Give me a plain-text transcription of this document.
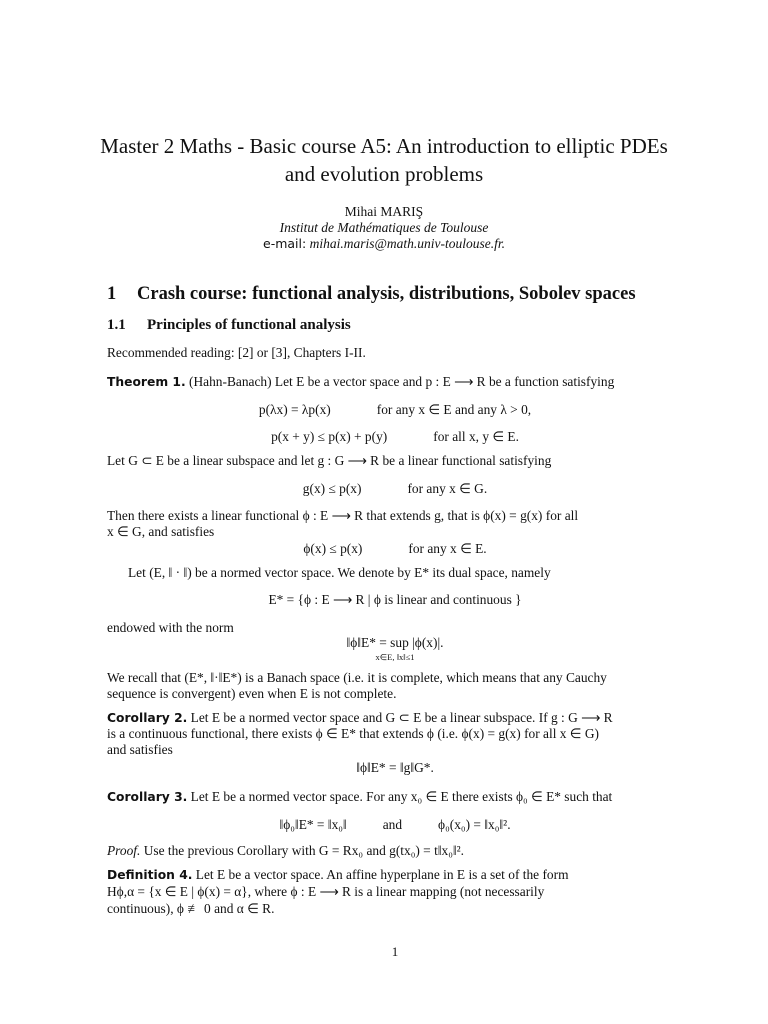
Master 2 Maths - Basic course A5: An introduction to elliptic PDEs and evolution problems
Mihai MARIŞ
Institut de Mathématiques de Toulouse
e-mail: mihai.maris@math.univ-toulouse.fr.
1 Crash course: functional analysis, distributions, Sobolev spaces
1.1 Principles of functional analysis
Recommended reading: [2] or [3], Chapters I-II.
Theorem 1. (Hahn-Banach) Let E be a vector space and p : E ⟶ R be a function satisfying
p(λx) = λp(x)	for any x ∈ E and any λ > 0,
p(x + y) ≤ p(x) + p(y)	for all x, y ∈ E.
Let G ⊂ E be a linear subspace and let g : G ⟶ R be a linear functional satisfying
g(x) ≤ p(x)	for any x ∈ G.
Then there exists a linear functional ϕ : E ⟶ R that extends g, that is ϕ(x) = g(x) for all
x ∈ G, and satisfies
ϕ(x) ≤ p(x)	for any x ∈ E.
Let (E, ‖ · ‖) be a normed vector space. We denote by E* its dual space, namely
E* = {ϕ : E ⟶ R | ϕ is linear and continuous }
endowed with the norm
‖ϕ‖E* = sup |ϕ(x)|.
x∈E, ‖x‖≤1
We recall that (E*, ‖·‖E*) is a Banach space (i.e. it is complete, which means that any Cauchy
sequence is convergent) even when E is not complete.
Corollary 2. Let E be a normed vector space and G ⊂ E be a linear subspace. If g : G ⟶ R
is a continuous functional, there exists ϕ ∈ E* that extends ϕ (i.e. ϕ(x) = g(x) for all x ∈ G)
and satisfies
‖ϕ‖E* = ‖g‖G*.
Corollary 3. Let E be a normed vector space. For any x₀ ∈ E there exists ϕ₀ ∈ E* such that
‖ϕ₀‖E* = ‖x₀‖	and	ϕ₀(x₀) = ‖x₀‖².
Proof. Use the previous Corollary with G = Rx₀ and g(tx₀) = t‖x₀‖².
Definition 4. Let E be a vector space. An affine hyperplane in E is a set of the form
Hϕ,α = {x ∈ E | ϕ(x) = α}, where ϕ : E ⟶ R is a linear mapping (not necessarily
continuous), ϕ ≢ 0 and α ∈ R.
1
